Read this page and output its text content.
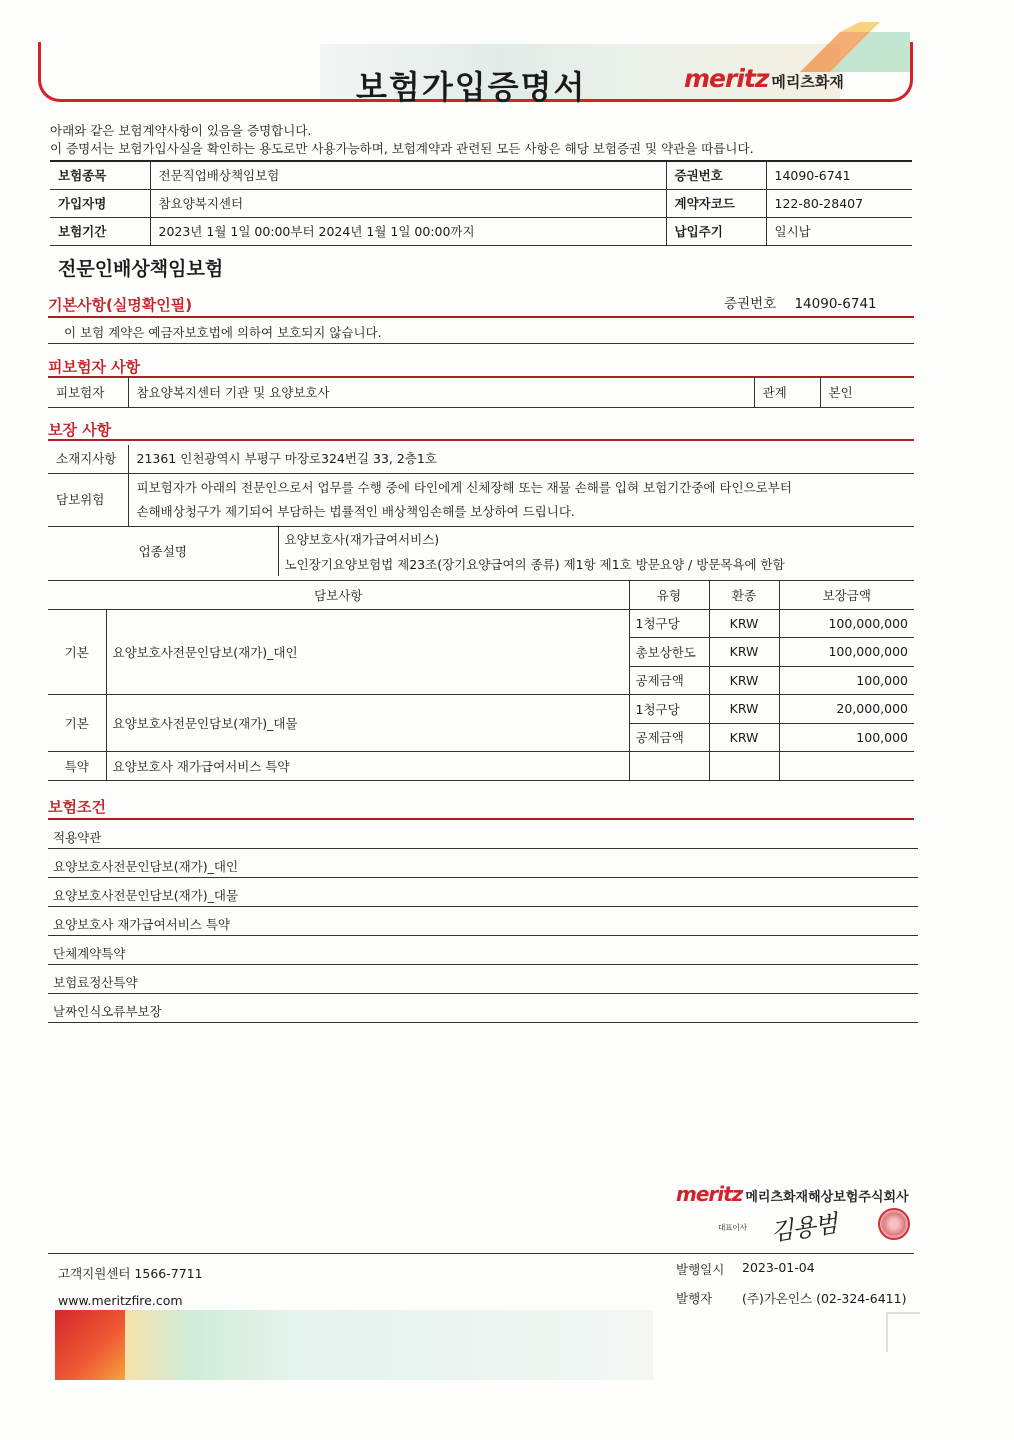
보험가입증명서	meritz 메리츠화재
아래와 같은 보험계약사항이 있음을 증명합니다.
이 증명서는 보험가입사실을 확인하는 용도로만 사용가능하며, 보험계약과 관련된 모든 사항은 해당 보험증권 및 약관을 따릅니다.
보험종목	전문직업배상책임보험	증권번호	14090-6741
가입자명	참요양복지센터	계약자코드	122-80-28407
보험기간	2023년 1월 1일 00:00부터 2024년 1월 1일 00:00까지	납입주기	일시납
전문인배상책임보험
기본사항(실명확인필)	증권번호 14090-6741
이 보험 계약은 예금자보호법에 의하여 보호되지 않습니다.
피보험자 사항
피보험자	참요양복지센터 기관 및 요양보호사	관계	본인
보장 사항
소재지사항	21361 인천광역시 부평구 마장로324번길 33, 2층1호
담보위험	피보험자가 아래의 전문인으로서 업무를 수행 중에 타인에게 신체장해 또는 재물 손해를 입혀 보험기간중에 타인으로부터
손해배상청구가 제기되어 부담하는 법률적인 배상책임손해를 보상하여 드립니다.
업종설명	요양보호사(재가급여서비스)
노인장기요양보험법 제23조(장기요양급여의 종류) 제1항 제1호 방문요양 / 방문목욕에 한함
담보사항		유형	환종	보장금액
기본	요양보호사전문인담보(재가)_대인	1청구당	KRW	100,000,000
		총보상한도	KRW	100,000,000
		공제금액	KRW	100,000
기본	요양보호사전문인담보(재가)_대물	1청구당	KRW	20,000,000
		공제금액	KRW	100,000
특약	요양보호사 재가급여서비스 특약			
보험조건
적용약관
요양보호사전문인담보(재가)_대인
요양보호사전문인담보(재가)_대물
요양보호사 재가급여서비스 특약
단체계약특약
보험료정산특약
날짜인식오류부보장
meritz 메리츠화재해상보험주식회사
대표이사 김용범
고객지원센터 1566-7711
www.meritzfire.com
발행일시 2023-01-04
발행자 (주)가온인스 (02-324-6411)
